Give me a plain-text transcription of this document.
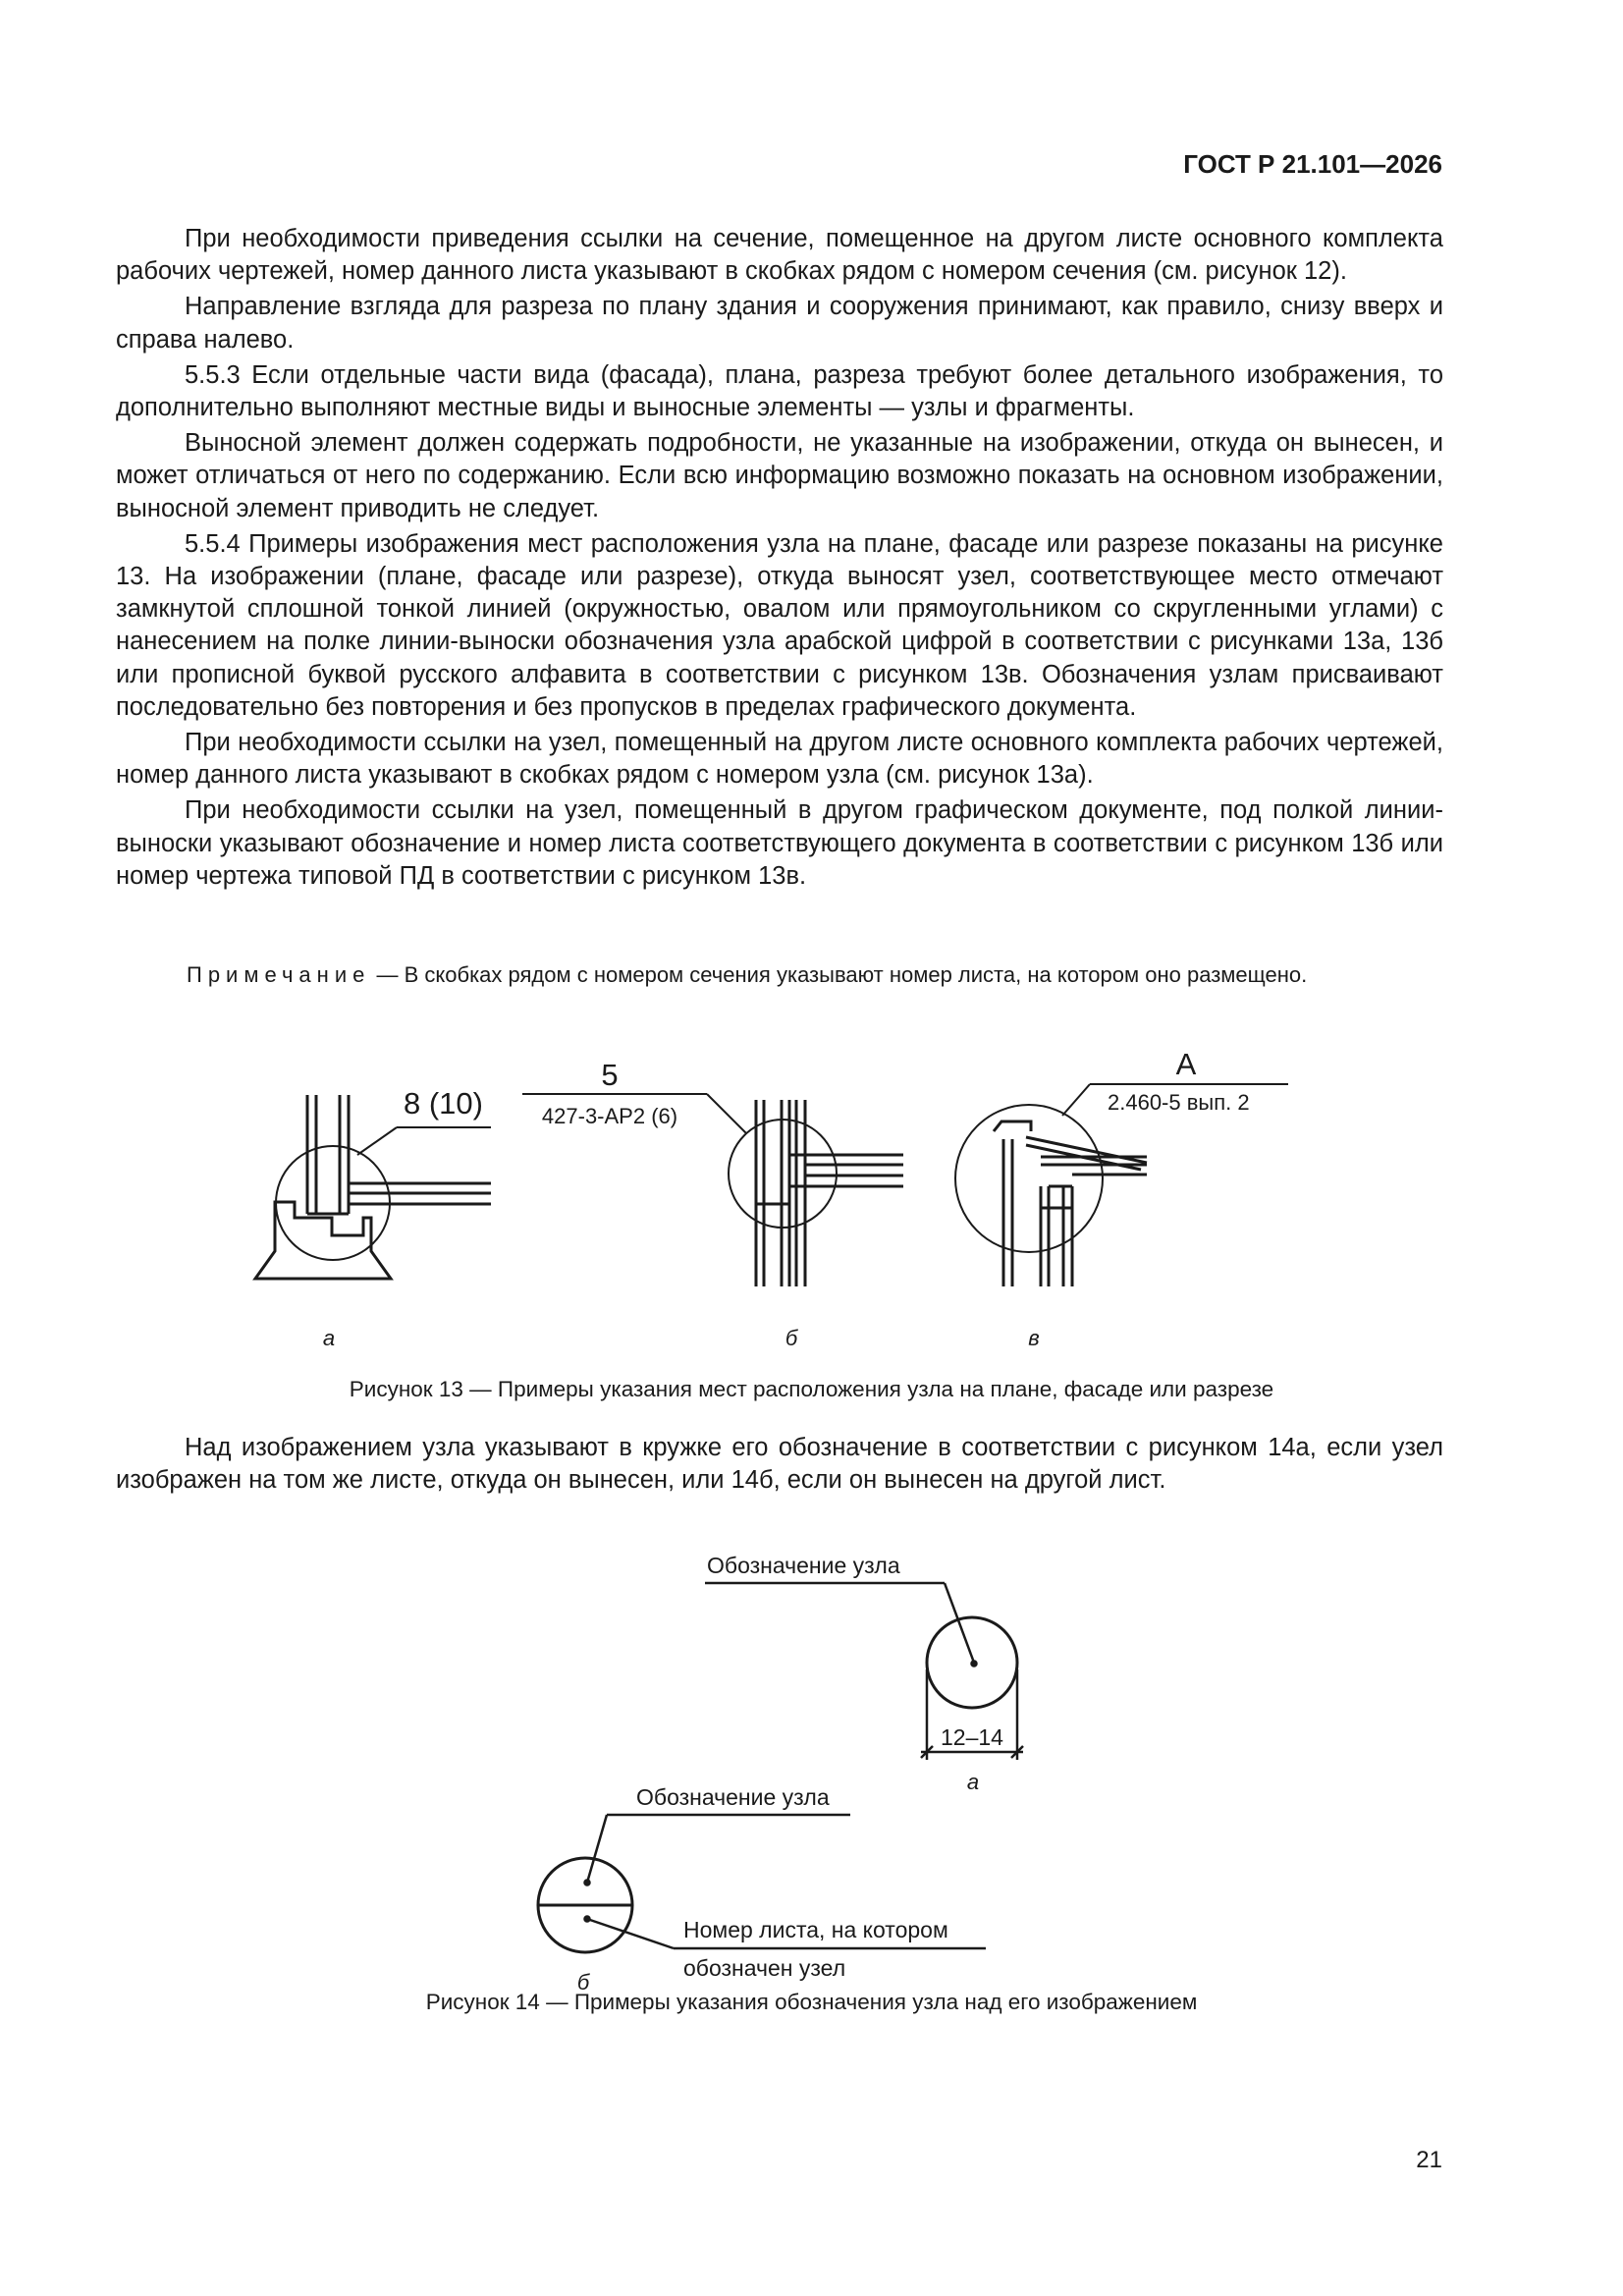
ГОСТ Р 21.101—2026

При необходимости приведения ссылки на сечение, помещенное на другом листе основного комплекта рабочих чертежей, номер данного листа указывают в скобках рядом с номером сечения (см. рисунок 12).

Направление взгляда для разреза по плану здания и сооружения принимают, как правило, снизу вверх и справа налево.

5.5.3 Если отдельные части вида (фасада), плана, разреза требуют более детального изображения, то дополнительно выполняют местные виды и выносные элементы — узлы и фрагменты.

Выносной элемент должен содержать подробности, не указанные на изображении, откуда он вынесен, и может отличаться от него по содержанию. Если всю информацию возможно показать на основном изображении, выносной элемент приводить не следует.

5.5.4 Примеры изображения мест расположения узла на плане, фасаде или разрезе показаны на рисунке 13. На изображении (плане, фасаде или разрезе), откуда выносят узел, соответствующее место отмечают замкнутой сплошной тонкой линией (окружностью, овалом или прямоугольником со скругленными углами) с нанесением на полке линии-выноски обозначения узла арабской цифрой в соответствии с рисунками 13а, 13б или прописной буквой русского алфавита в соответствии с рисунком 13в. Обозначения узлам присваивают последовательно без повторения и без пропусков в пределах графического документа.

При необходимости ссылки на узел, помещенный на другом листе основного комплекта рабочих чертежей, номер данного листа указывают в скобках рядом с номером узла (см. рисунок 13а).

При необходимости ссылки на узел, помещенный в другом графическом документе, под полкой линии-выноски указывают обозначение и номер листа соответствующего документа в соответствии с рисунком 13б или номер чертежа типовой ПД в соответствии с рисунком 13в.

Примечание — В скобках рядом с номером сечения указывают номер листа, на котором оно размещено.
8 (10)
5
427-3-АР2 (6)
А
2.460-5 вып. 2
а	б	в
Рисунок 13 — Примеры указания мест расположения узла на плане, фасаде или разрезе

Над изображением узла указывают в кружке его обозначение в соответствии с рисунком 14а, если узел изображен на том же листе, откуда он вынесен, или 14б, если он вынесен на другой лист.

Обозначение узла
12–14
а
Обозначение узла
Номер листа, на котором
обозначен узел
б
Рисунок 14 — Примеры указания обозначения узла над его изображением
21
